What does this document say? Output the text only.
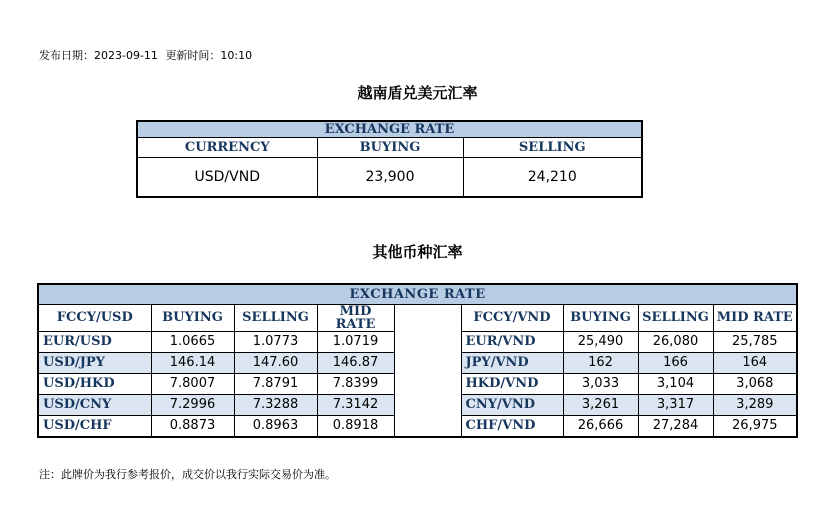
发布日期：2023-09-11 更新时间：10:10
越南盾兑美元汇率
EXCHANGE RATE		
CURRENCY	BUYING	SELLING
USD/VND	23,900	24,210
其他币种汇率
EXCHANGE RATE								
FCCY/USD	BUYING	SELLING	MID RATE		FCCY/VND	BUYING	SELLING	MID RATE
EUR/USD	1.0665	1.0773	1.0719		EUR/VND	25,490	26,080	25,785
USD/JPY	146.14	147.60	146.87		JPY/VND	162	166	164
USD/HKD	7.8007	7.8791	7.8399		HKD/VND	3,033	3,104	3,068
USD/CNY	7.2996	7.3288	7.3142		CNY/VND	3,261	3,317	3,289
USD/CHF	0.8873	0.8963	0.8918		CHF/VND	26,666	27,284	26,975
注：此牌价为我行参考报价，成交价以我行实际交易价为准。
